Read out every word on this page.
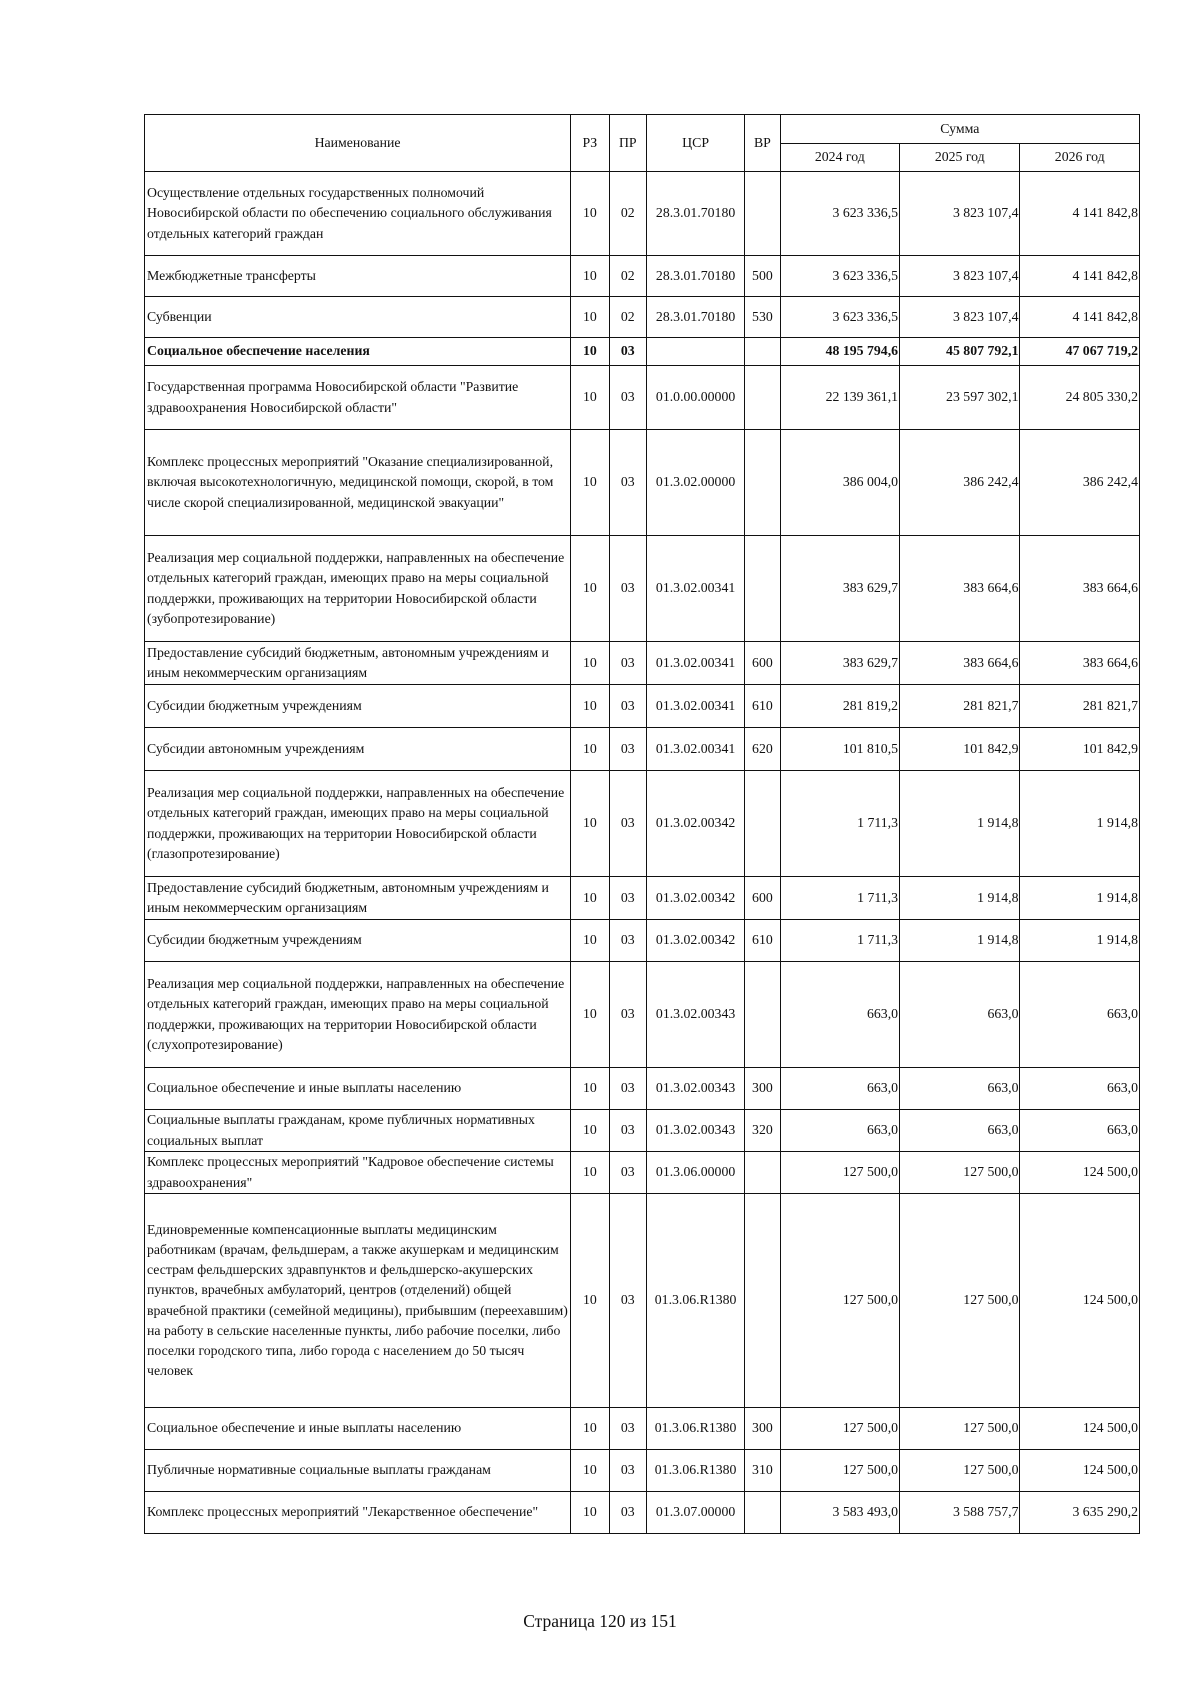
Наименование	РЗ	ПР	ЦСР	ВР	Сумма		
					2024 год	2025 год	2026 год
Осуществление отдельных государственных полномочий Новосибирской области по обеспечению социального обслуживания отдельных категорий граждан	10	02	28.3.01.70180		3 623 336,5	3 823 107,4	4 141 842,8
Межбюджетные трансферты	10	02	28.3.01.70180	500	3 623 336,5	3 823 107,4	4 141 842,8
Субвенции	10	02	28.3.01.70180	530	3 623 336,5	3 823 107,4	4 141 842,8
Социальное обеспечение населения	10	03			48 195 794,6	45 807 792,1	47 067 719,2
Государственная программа Новосибирской области "Развитие здравоохранения Новосибирской области"	10	03	01.0.00.00000		22 139 361,1	23 597 302,1	24 805 330,2
Комплекс процессных мероприятий "Оказание специализированной, включая высокотехнологичную, медицинской помощи, скорой, в том числе скорой специализированной, медицинской эвакуации"	10	03	01.3.02.00000		386 004,0	386 242,4	386 242,4
Реализация мер социальной поддержки, направленных на обеспечение отдельных категорий граждан, имеющих право на меры социальной поддержки, проживающих на территории Новосибирской области (зубопротезирование)	10	03	01.3.02.00341		383 629,7	383 664,6	383 664,6
Предоставление субсидий бюджетным, автономным учреждениям и иным некоммерческим организациям	10	03	01.3.02.00341	600	383 629,7	383 664,6	383 664,6
Субсидии бюджетным учреждениям	10	03	01.3.02.00341	610	281 819,2	281 821,7	281 821,7
Субсидии автономным учреждениям	10	03	01.3.02.00341	620	101 810,5	101 842,9	101 842,9
Реализация мер социальной поддержки, направленных на обеспечение отдельных категорий граждан, имеющих право на меры социальной поддержки, проживающих на территории Новосибирской области (глазопротезирование)	10	03	01.3.02.00342		1 711,3	1 914,8	1 914,8
Предоставление субсидий бюджетным, автономным учреждениям и иным некоммерческим организациям	10	03	01.3.02.00342	600	1 711,3	1 914,8	1 914,8
Субсидии бюджетным учреждениям	10	03	01.3.02.00342	610	1 711,3	1 914,8	1 914,8
Реализация мер социальной поддержки, направленных на обеспечение отдельных категорий граждан, имеющих право на меры социальной поддержки, проживающих на территории Новосибирской области (слухопротезирование)	10	03	01.3.02.00343		663,0	663,0	663,0
Социальное обеспечение и иные выплаты населению	10	03	01.3.02.00343	300	663,0	663,0	663,0
Социальные выплаты гражданам, кроме публичных нормативных социальных выплат	10	03	01.3.02.00343	320	663,0	663,0	663,0
Комплекс процессных мероприятий "Кадровое обеспечение системы здравоохранения"	10	03	01.3.06.00000		127 500,0	127 500,0	124 500,0
Единовременные компенсационные выплаты медицинским работникам (врачам, фельдшерам, а также акушеркам и медицинским сестрам фельдшерских здравпунктов и фельдшерско-акушерских пунктов, врачебных амбулаторий, центров (отделений) общей врачебной практики (семейной медицины), прибывшим (переехавшим) на работу в сельские населенные пункты, либо рабочие поселки, либо поселки городского типа, либо города с населением до 50 тысяч человек	10	03	01.3.06.R1380		127 500,0	127 500,0	124 500,0
Социальное обеспечение и иные выплаты населению	10	03	01.3.06.R1380	300	127 500,0	127 500,0	124 500,0
Публичные нормативные социальные выплаты гражданам	10	03	01.3.06.R1380	310	127 500,0	127 500,0	124 500,0
Комплекс процессных мероприятий "Лекарственное обеспечение"	10	03	01.3.07.00000		3 583 493,0	3 588 757,7	3 635 290,2
Страница 120 из 151
